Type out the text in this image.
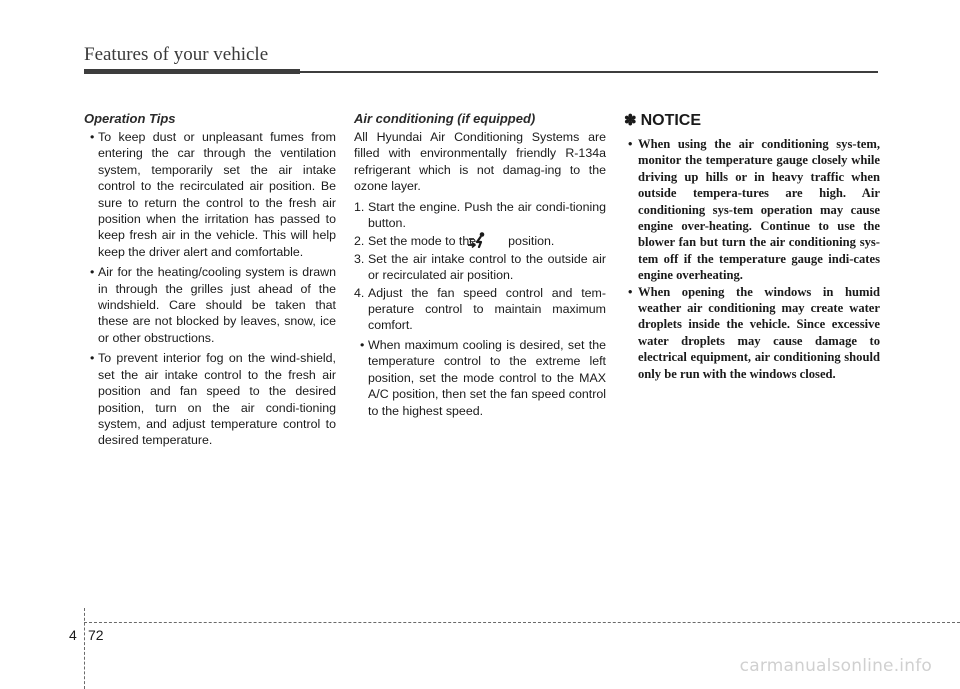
Features of your vehicle
Operation Tips
• To keep dust or unpleasant fumes from entering the car through the ventilation system, temporarily set the air intake control to the recirculated air position. Be sure to return the control to the fresh air position when the irritation has passed to keep fresh air in the vehicle. This will help keep the driver alert and comfortable.
• Air for the heating/cooling system is drawn in through the grilles just ahead of the windshield. Care should be taken that these are not blocked by leaves, snow, ice or other obstructions.
• To prevent interior fog on the wind-shield, set the air intake control to the fresh air position and fan speed to the desired position, turn on the air condi-tioning system, and adjust temperature control to desired temperature.
Air conditioning (if equipped)

All Hyundai Air Conditioning Systems are filled with environmentally friendly R-134a refrigerant which is not damag-ing to the ozone layer.

1. Start the engine. Push the air condi-tioning button.
2. Set the mode to the	position.
3. Set the air intake control to the outside air or recirculated air position.
4. Adjust the fan speed control and tem-perature control to maintain maximum comfort.
• When maximum cooling is desired, set the temperature control to the extreme left position, set the mode control to the MAX A/C position, then set the fan speed control to the highest speed.
✽ NOTICE
• When using the air conditioning sys-tem, monitor the temperature gauge closely while driving up hills or in heavy traffic when outside tempera-tures are high. Air conditioning sys-tem operation may cause engine over-heating. Continue to use the blower fan but turn the air conditioning sys-tem off if the temperature gauge indi-cates engine overheating.
• When opening the windows in humid weather air conditioning may create water droplets inside the vehicle. Since excessive water droplets may cause damage to electrical equipment, air conditioning should only be run with the windows closed.
4 72
carmanualsonline.info
